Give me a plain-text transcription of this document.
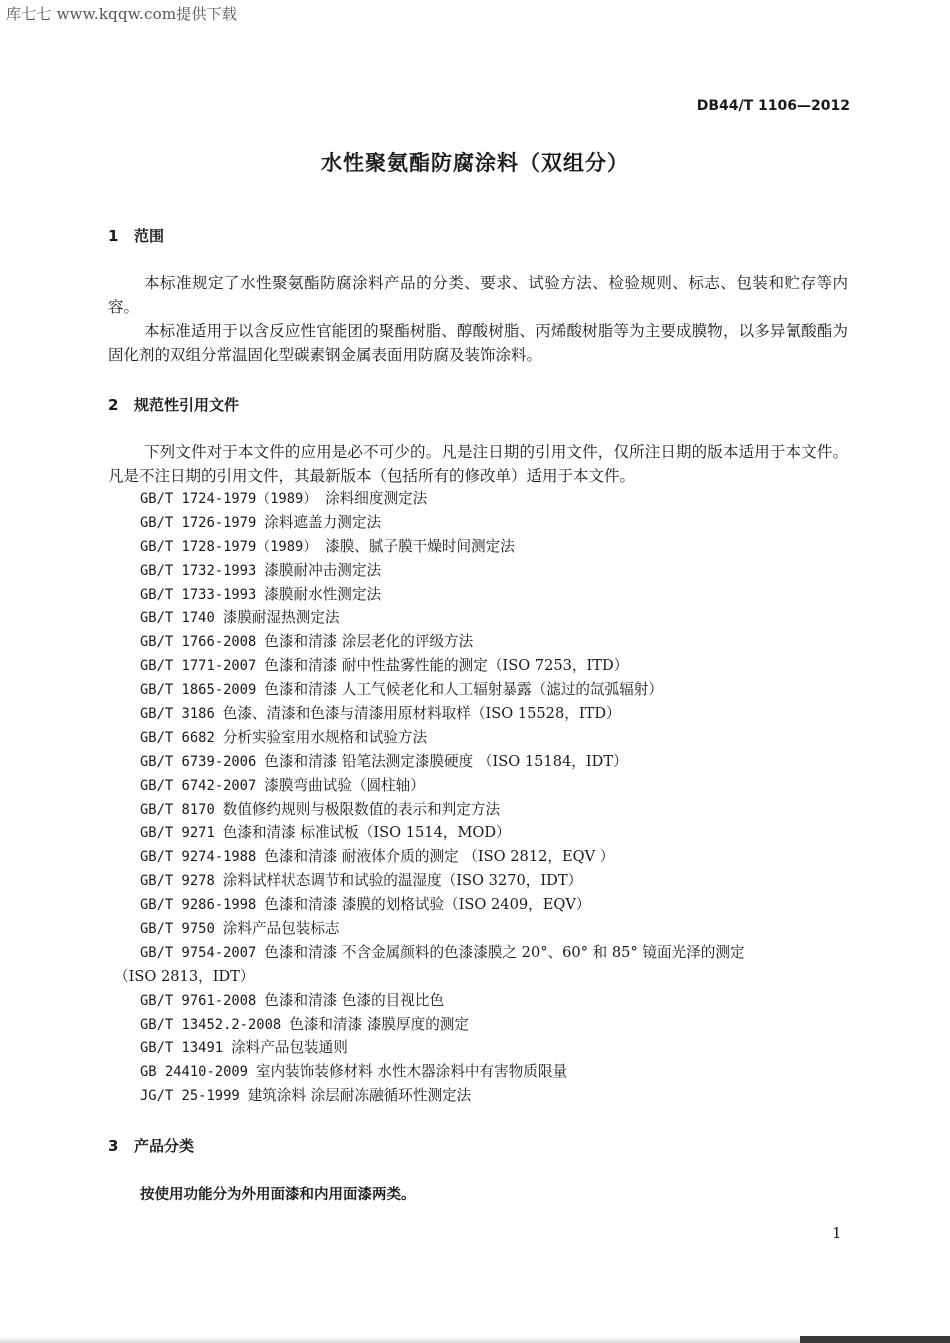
库七七 www.kqqw.com提供下载
DB44/T 1106—2012
水性聚氨酯防腐涂料（双组分）
1 范围

本标准规定了水性聚氨酯防腐涂料产品的分类、要求、试验方法、检验规则、标志、包装和贮存等内容。

本标准适用于以含反应性官能团的聚酯树脂、醇酸树脂、丙烯酸树脂等为主要成膜物，以多异氰酸酯为固化剂的双组分常温固化型碳素钢金属表面用防腐及装饰涂料。

2 规范性引用文件

下列文件对于本文件的应用是必不可少的。凡是注日期的引用文件，仅所注日期的版本适用于本文件。凡是不注日期的引用文件，其最新版本（包括所有的修改单）适用于本文件。

GB/T 1724-1979（1989） 涂料细度测定法
GB/T 1726-1979 涂料遮盖力测定法
GB/T 1728-1979（1989） 漆膜、腻子膜干燥时间测定法
GB/T 1732-1993 漆膜耐冲击测定法
GB/T 1733-1993 漆膜耐水性测定法
GB/T 1740 漆膜耐湿热测定法
GB/T 1766-2008 色漆和清漆 涂层老化的评级方法
GB/T 1771-2007 色漆和清漆 耐中性盐雾性能的测定（ISO 7253，ITD）
GB/T 1865-2009 色漆和清漆 人工气候老化和人工辐射暴露（滤过的氙弧辐射）
GB/T 3186 色漆、清漆和色漆与清漆用原材料取样（ISO 15528，ITD）
GB/T 6682 分析实验室用水规格和试验方法
GB/T 6739-2006 色漆和清漆 铅笔法测定漆膜硬度 （ISO 15184，IDT）
GB/T 6742-2007 漆膜弯曲试验（圆柱轴）
GB/T 8170 数值修约规则与极限数值的表示和判定方法
GB/T 9271 色漆和清漆 标准试板（ISO 1514，MOD）
GB/T 9274-1988 色漆和清漆 耐液体介质的测定 （ISO 2812，EQV ）
GB/T 9278 涂料试样状态调节和试验的温湿度（ISO 3270，IDT）
GB/T 9286-1998 色漆和清漆 漆膜的划格试验（ISO 2409，EQV）
GB/T 9750 涂料产品包装标志
GB/T 9754-2007 色漆和清漆 不含金属颜料的色漆漆膜之 20°、60° 和 85° 镜面光泽的测定
（ISO 2813，IDT）
GB/T 9761-2008 色漆和清漆 色漆的目视比色
GB/T 13452.2-2008 色漆和清漆 漆膜厚度的测定
GB/T 13491 涂料产品包装通则
GB 24410-2009 室内装饰装修材料 水性木器涂料中有害物质限量
JG/T 25-1999 建筑涂料 涂层耐冻融循环性测定法
3 产品分类
按使用功能分为外用面漆和内用面漆两类。
1
